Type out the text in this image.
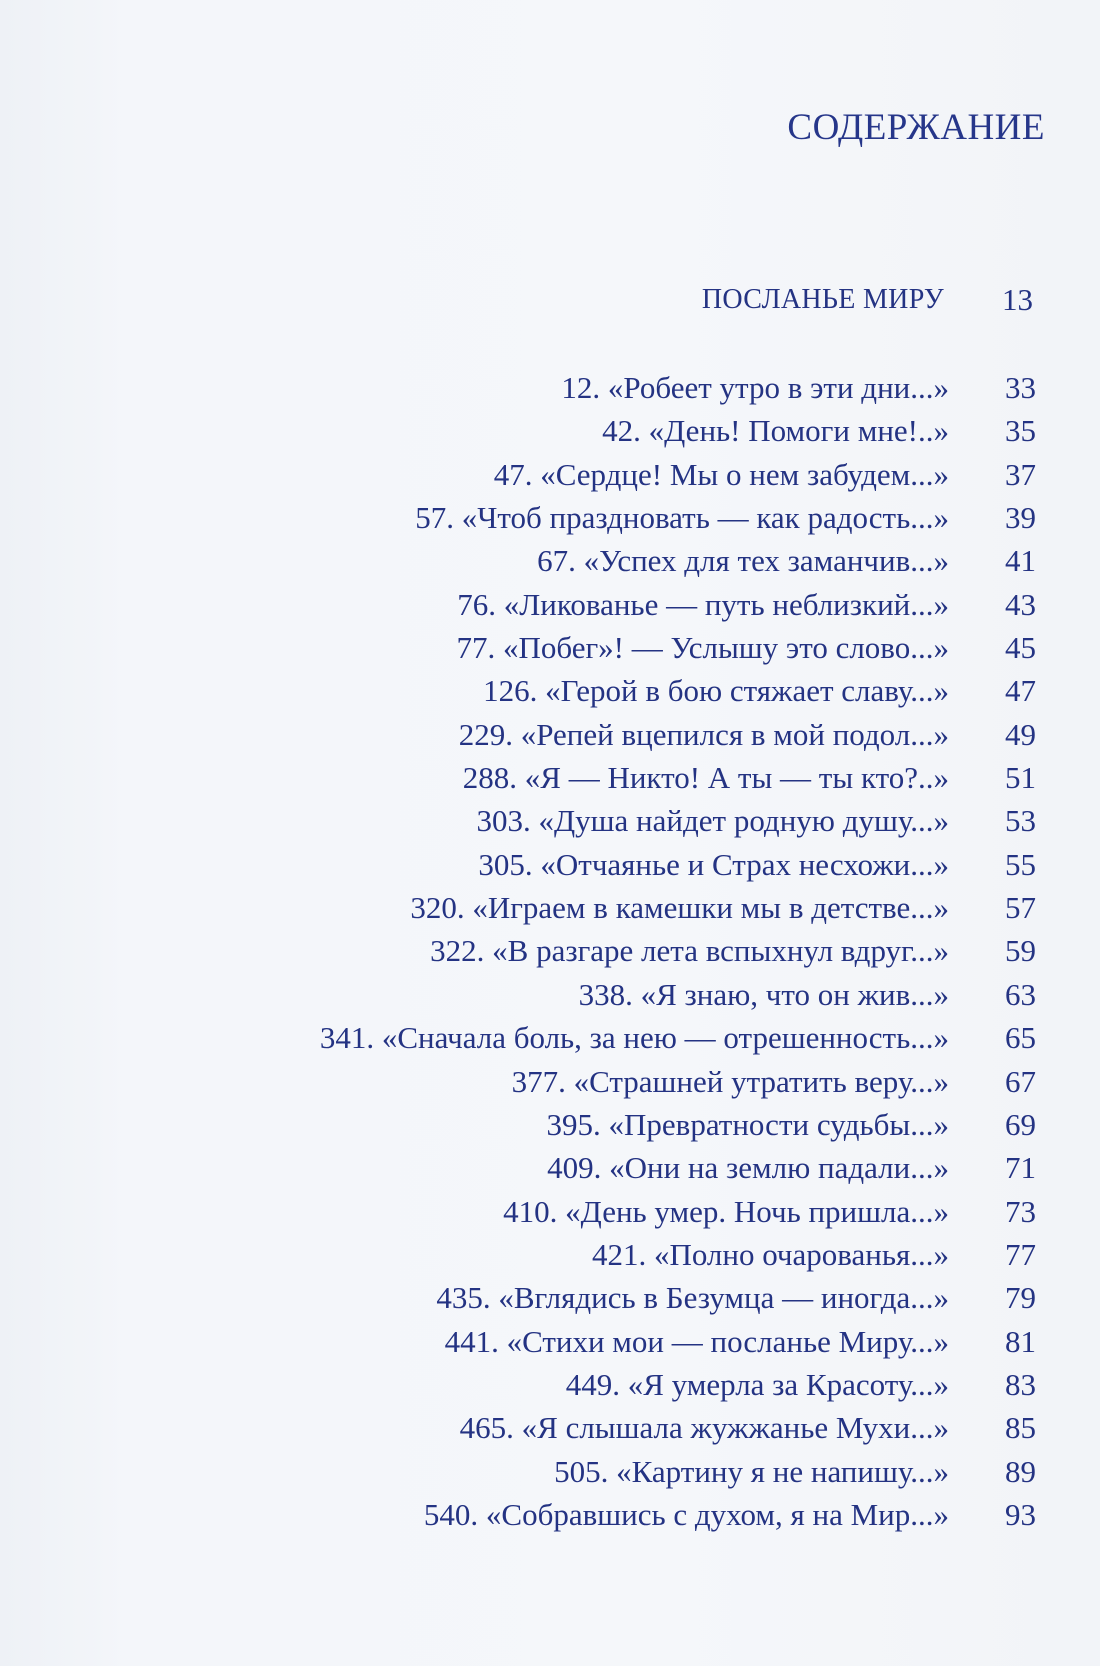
СОДЕРЖАНИЕ
ПОСЛАНЬЕ МИРУ 13
12. «Робеет утро в эти дни...» 33
42. «День! Помоги мне!..» 35
47. «Сердце! Мы о нем забудем...» 37
57. «Чтоб праздновать — как радость...» 39
67. «Успех для тех заманчив...» 41
76. «Ликованье — путь неблизкий...» 43
77. «Побег»! — Услышу это слово...» 45
126. «Герой в бою стяжает славу...» 47
229. «Репей вцепился в мой подол...» 49
288. «Я — Никто! А ты — ты кто?..» 51
303. «Душа найдет родную душу...» 53
305. «Отчаянье и Страх несхожи...» 55
320. «Играем в камешки мы в детстве...» 57
322. «В разгаре лета вспыхнул вдруг...» 59
338. «Я знаю, что он жив...» 63
341. «Сначала боль, за нею — отрешенность...» 65
377. «Страшней утратить веру...» 67
395. «Превратности судьбы...» 69
409. «Они на землю падали...» 71
410. «День умер. Ночь пришла...» 73
421. «Полно очарованья...» 77
435. «Вглядись в Безумца — иногда...» 79
441. «Стихи мои — посланье Миру...» 81
449. «Я умерла за Красоту...» 83
465. «Я слышала жужжанье Мухи...» 85
505. «Картину я не напишу...» 89
540. «Собравшись с духом, я на Мир...» 93
